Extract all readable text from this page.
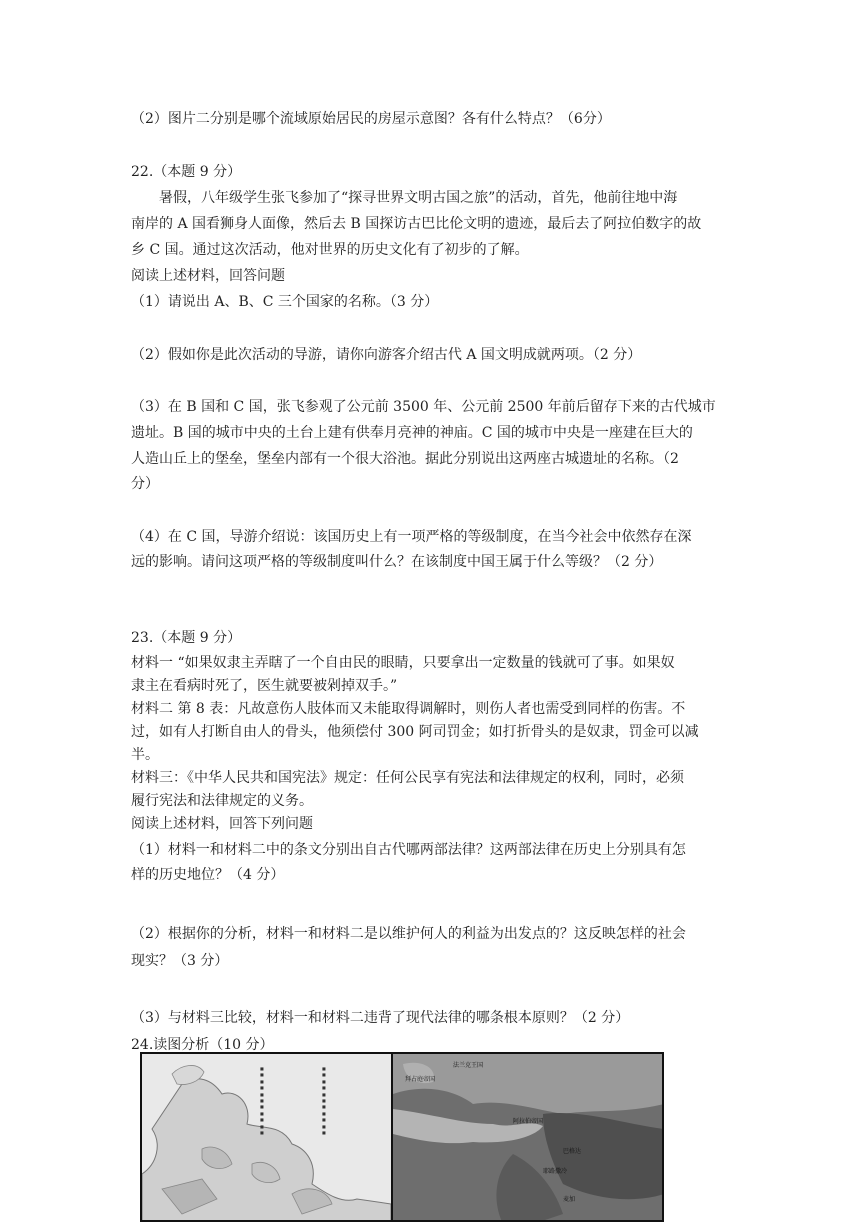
（2）图片二分别是哪个流域原始居民的房屋示意图？各有什么特点？（6分）
22.（本题 9 分）
暑假，八年级学生张飞参加了“探寻世界文明古国之旅”的活动，首先，他前往地中海
南岸的 A 国看狮身人面像，然后去 B 国探访古巴比伦文明的遗迹，最后去了阿拉伯数字的故
乡 C 国。通过这次活动，他对世界的历史文化有了初步的了解。
阅读上述材料，回答问题
（1）请说出 A、B、C 三个国家的名称。（3 分）
（2）假如你是此次活动的导游，请你向游客介绍古代 A 国文明成就两项。（2 分）
（3）在 B 国和 C 国，张飞参观了公元前 3500 年、公元前 2500 年前后留存下来的古代城市
遗址。B 国的城市中央的土台上建有供奉月亮神的神庙。C 国的城市中央是一座建在巨大的
人造山丘上的堡垒，堡垒内部有一个很大浴池。据此分别说出这两座古城遗址的名称。（2
分）
（4）在 C 国，导游介绍说：该国历史上有一项严格的等级制度，在当今社会中依然存在深
远的影响。请问这项严格的等级制度叫什么？在该制度中国王属于什么等级？（2 分）
23.（本题 9 分）
材料一 “如果奴隶主弄瞎了一个自由民的眼睛，只要拿出一定数量的钱就可了事。如果奴
隶主在看病时死了，医生就要被剁掉双手。”
材料二 第 8 表：凡故意伤人肢体而又未能取得调解时，则伤人者也需受到同样的伤害。不
过，如有人打断自由人的骨头，他须偿付 300 阿司罚金；如打折骨头的是奴隶，罚金可以减
半。
材料三：《中华人民共和国宪法》规定：任何公民享有宪法和法律规定的权利，同时，必须
履行宪法和法律规定的义务。
阅读上述材料，回答下列问题
（1）材料一和材料二中的条文分别出自古代哪两部法律？这两部法律在历史上分别具有怎
样的历史地位？（4 分）
（2）根据你的分析，材料一和材料二是以维护何人的利益为出发点的？这反映怎样的社会
现实？（3 分）
（3）与材料三比较，材料一和材料二违背了现代法律的哪条根本原则？（2 分）
24.读图分析（10 分）
■
■
■
■
■
■
■
■
■
■
■
■
■
■
■
■
■
■
■
■
■
■
法兰克王国
拜占庭帝国
阿拉伯帝国
巴格达
耶路撒冷
麦加
